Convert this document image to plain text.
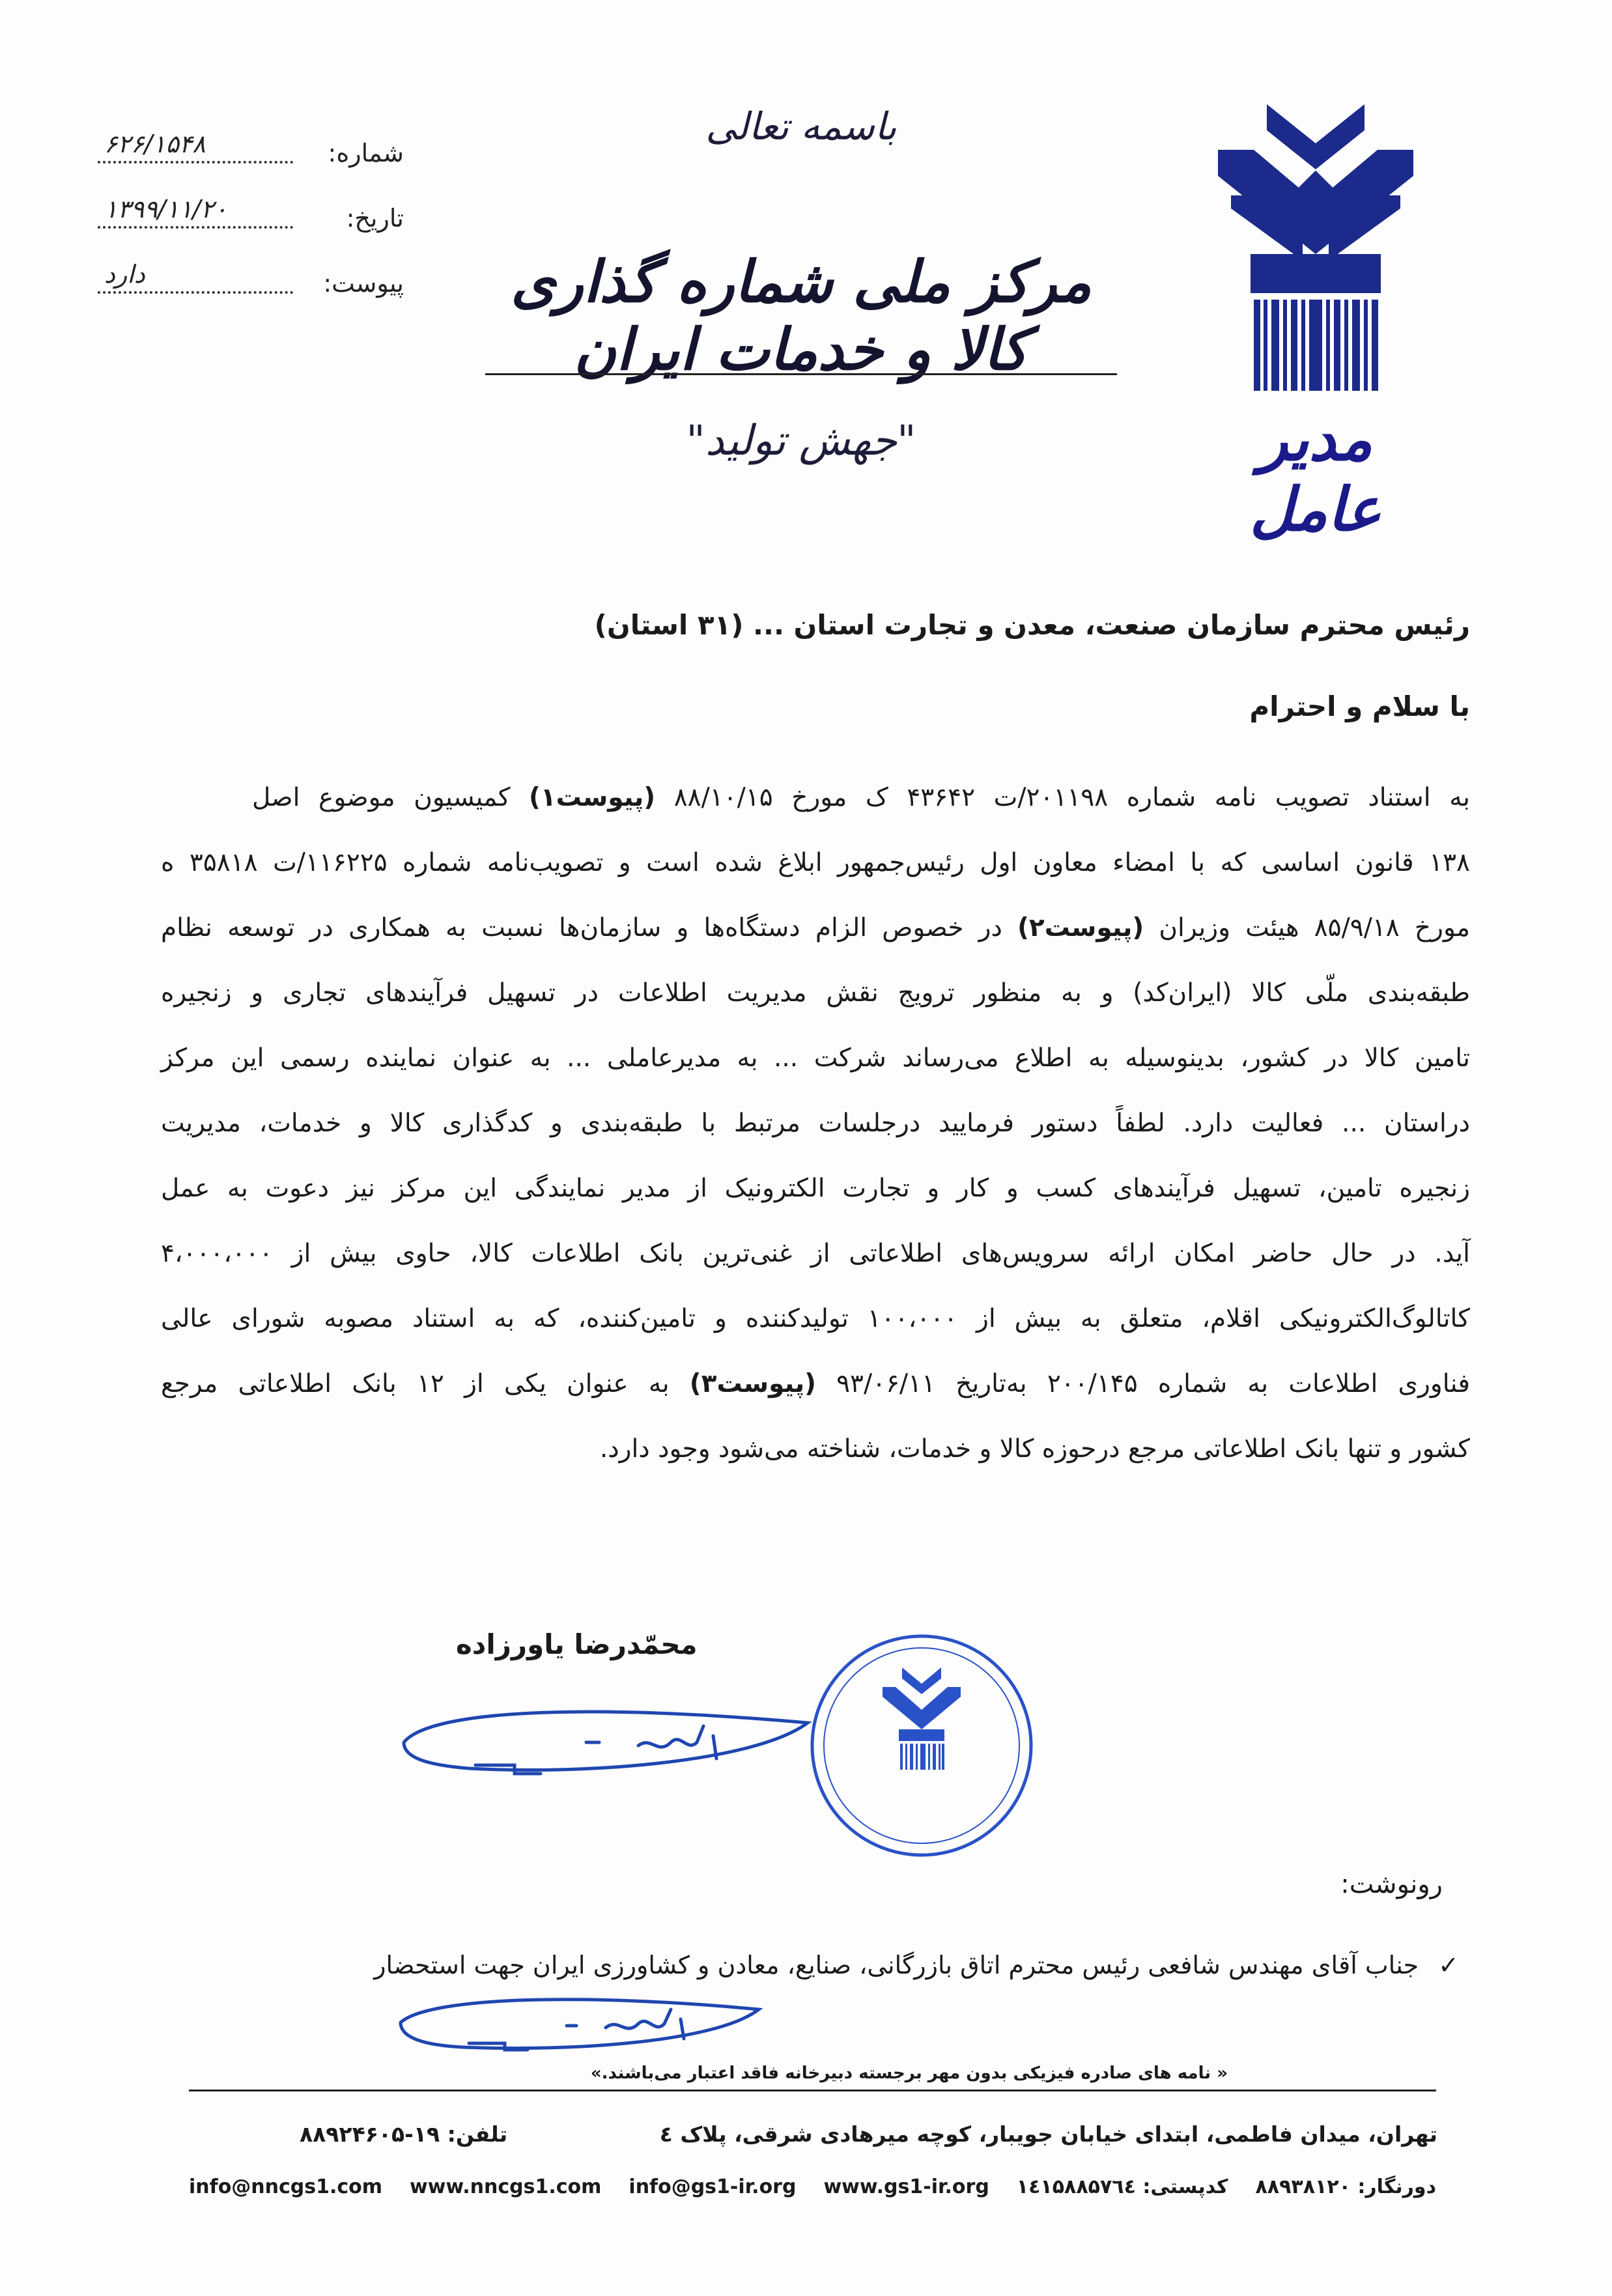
شماره:
۶۲۶/۱۵۴۸
تاریخ:
۱۳۹۹/۱۱/۲۰
پیوست:
دارد
باسمه تعالی
مرکز ملی شماره گذاری کالا و خدمات ایران
"جهش تولید"	مدیر عامل
رئیس محترم سازمان صنعت، معدن و تجارت استان ... (۳۱ استان)
با سلام و احترام
به استناد تصویب نامه شماره ۲۰۱۱۹۸/ت ۴۳۶۴۲ ک مورخ ۸۸/۱۰/۱۵ (پیوست۱) کمیسیون موضوع اصل
۱۳۸ قانون اساسی که با امضاء معاون اول رئیس‌جمهور ابلاغ شده است و تصویب‌نامه شماره ۱۱۶۲۲۵/ت ۳۵۸۱۸ ه
مورخ ۸۵/۹/۱۸ هیئت وزیران (پیوست۲) در خصوص الزام دستگاه‌ها و سازمان‌ها نسبت به همکاری در توسعه نظام
طبقه‌بندی ملّی کالا (ایران‌کد) و به منظور ترویج نقش مدیریت اطلاعات در تسهیل فرآیندهای تجاری و زنجیره
تامین کالا در کشور، بدینوسیله به اطلاع می‌رساند شرکت ... به مدیرعاملی ... به عنوان نماینده رسمی این مرکز
دراستان ... فعالیت دارد. لطفاً دستور فرمایید درجلسات مرتبط با طبقه‌بندی و کدگذاری کالا و خدمات، مدیریت
زنجیره تامین، تسهیل فرآیندهای کسب و کار و تجارت الکترونیک از مدیر نمایندگی این مرکز نیز دعوت به عمل
آید. در حال حاضر امکان ارائه سرویس‌های اطلاعاتی از غنی‌ترین بانک اطلاعات کالا، حاوی بیش از ۴،۰۰۰،۰۰۰
کاتالوگ‌الکترونیکی اقلام، متعلق به بیش از ۱۰۰،۰۰۰ تولیدکننده و تامین‌کننده، که به استناد مصوبه شورای عالی
فناوری اطلاعات به شماره ۲۰۰/۱۴۵ به‌تاریخ ۹۳/۰۶/۱۱ (پیوست۳) به عنوان یکی از ۱۲ بانک اطلاعاتی مرجع
کشور و تنها بانک اطلاعاتی مرجع درحوزه کالا و خدمات، شناخته می‌شود وجود دارد.
محمّدرضا یاورزاده
رونوشت:
✓جناب آقای مهندس شافعی رئیس محترم اتاق بازرگانی، صنایع، معادن و کشاورزی ایران جهت استحضار
« نامه های صادره فیزیکی بدون مهر برجسته دبیرخانه فاقد اعتبار می‌باشند.»
تهران، میدان فاطمی، ابتدای خیابان جویبار، کوچه میرهادی شرقی، پلاک ٤
تلفن: ۱۹-۸۸۹۲۴۶۰۵
info@nncgs1.com www.nncgs1.com info@gs1-ir.org www.gs1-ir.org کدپستی: ۱٤۱۵۸۸۵۷٦٤ دورنگار: ۸۸۹۳۸۱۲۰
